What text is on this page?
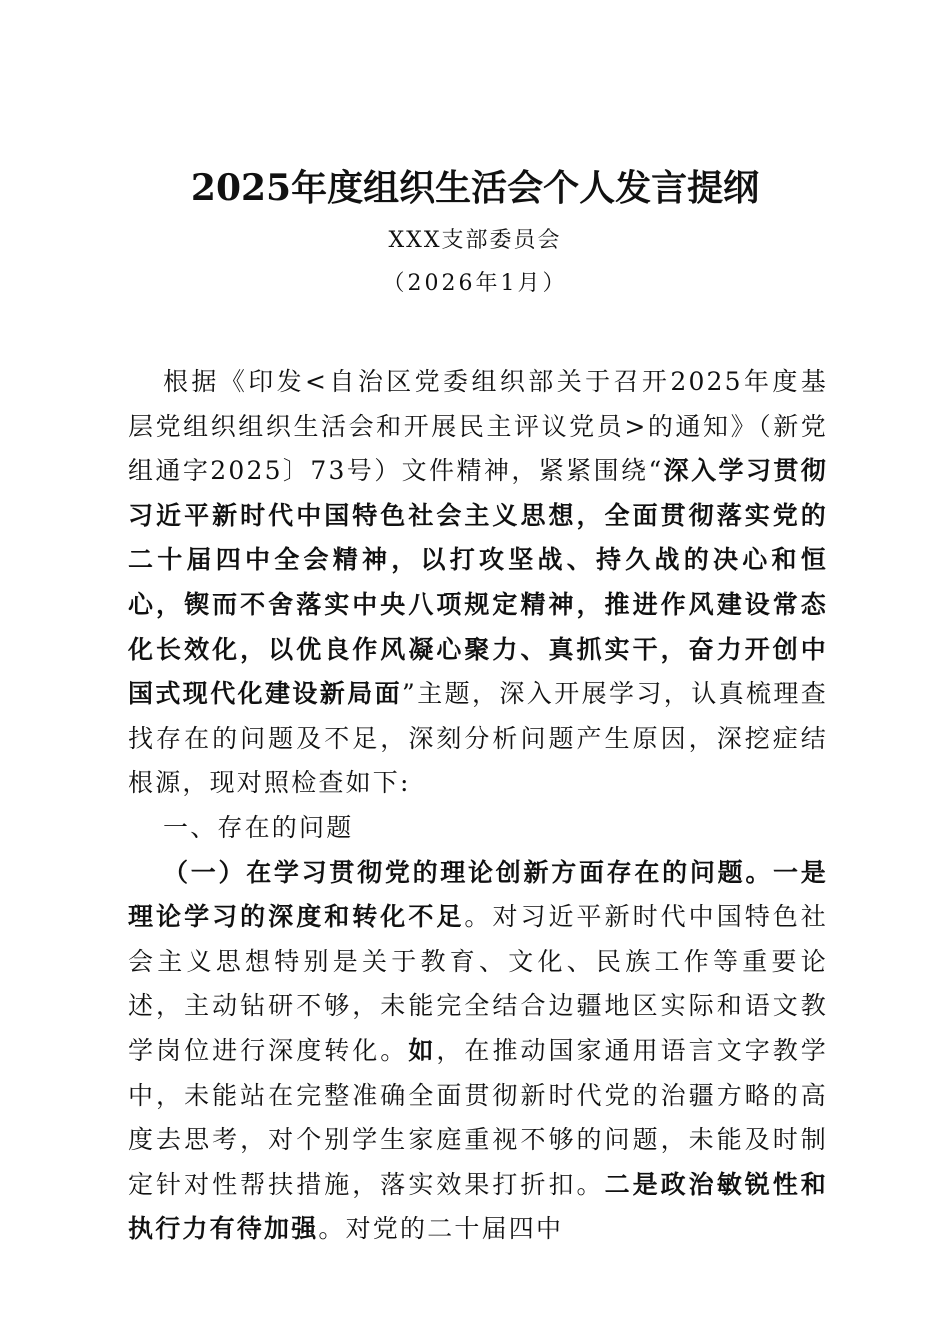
2025年度组织生活会个人发言提纲
XXX支部委员会
（2026年1月）

根据《印发<自治区党委组织部关于召开2025年度基层党组织组织生活会和开展民主评议党员>的通知》（新党组通字2025〕73号）文件精神，紧紧围绕“深入学习贯彻习近平新时代中国特色社会主义思想，全面贯彻落实党的二十届四中全会精神，以打攻坚战、持久战的决心和恒心，锲而不舍落实中央八项规定精神，推进作风建设常态化长效化，以优良作风凝心聚力、真抓实干，奋力开创中国式现代化建设新局面”主题，深入开展学习，认真梳理查找存在的问题及不足，深刻分析问题产生原因，深挖症结根源，现对照检查如下:

一、存在的问题

（一）在学习贯彻党的理论创新方面存在的问题。一是理论学习的深度和转化不足。对习近平新时代中国特色社会主义思想特别是关于教育、文化、民族工作等重要论述，主动钻研不够，未能完全结合边疆地区实际和语文教学岗位进行深度转化。如，在推动国家通用语言文字教学中，未能站在完整准确全面贯彻新时代党的治疆方略的高度去思考，对个别学生家庭重视不够的问题，未能及时制定针对性帮扶措施，落实效果打折扣。二是政治敏锐性和执行力有待加强。对党的二十届四中
